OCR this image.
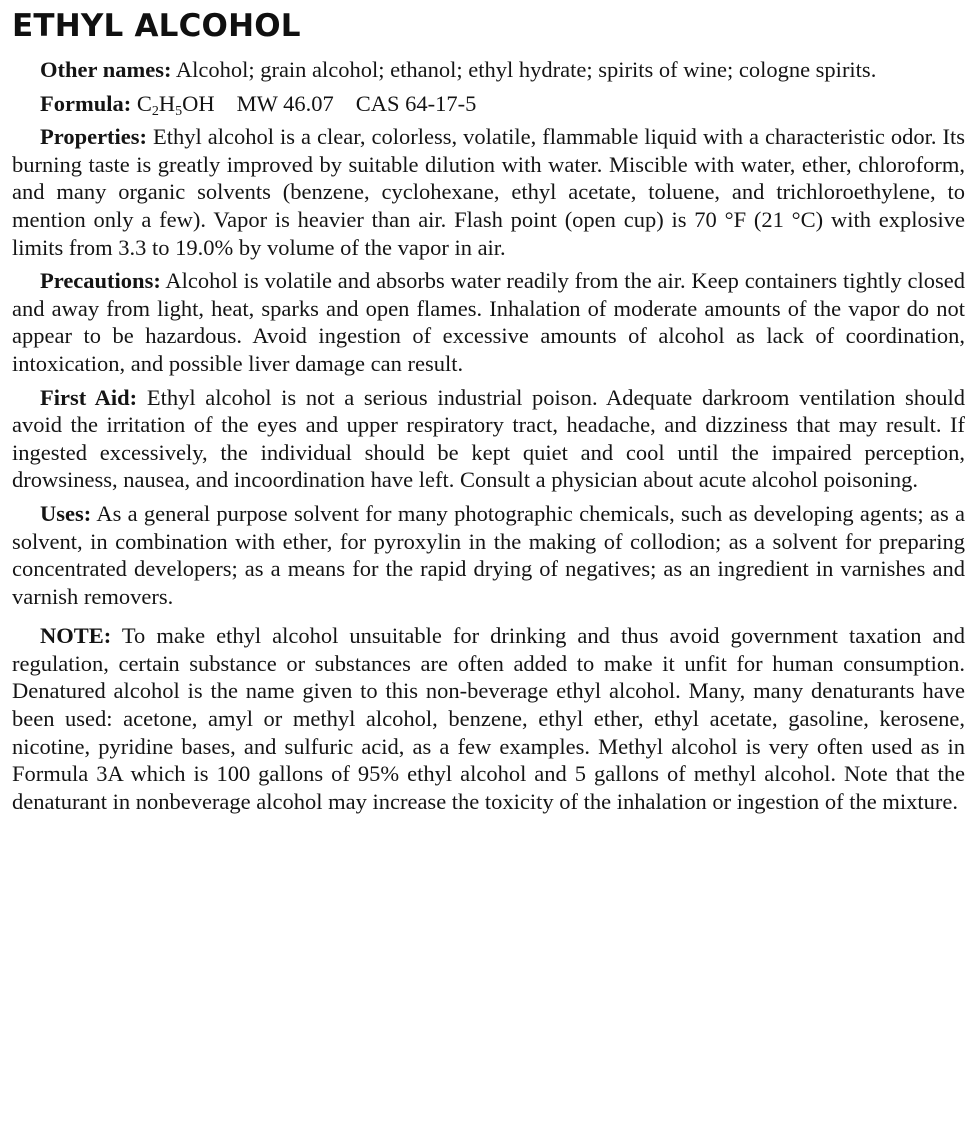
ETHYL ALCOHOL

Other names: Alcohol; grain alcohol; ethanol; ethyl hydrate; spirits of wine; cologne spirits.

Formula: $C_2H_5OH$ MW 46.07 CAS 64-17-5

Properties: Ethyl alcohol is a clear, colorless, volatile, flammable liquid with a characteristic odor. Its burning taste is greatly improved by suitable dilution with water. Miscible with water, ether, chloroform, and many organic solvents (benzene, cyclohexane, ethyl acetate, toluene, and trichloroethylene, to mention only a few). Vapor is heavier than air. Flash point (open cup) is 70 °F (21 °C) with explosive limits from 3.3 to 19.0% by volume of the vapor in air.

Precautions: Alcohol is volatile and absorbs water readily from the air. Keep containers tightly closed and away from light, heat, sparks and open flames. Inhalation of moderate amounts of the vapor do not appear to be hazardous. Avoid ingestion of excessive amounts of alcohol as lack of coordination, intoxication, and possible liver damage can result.

First Aid: Ethyl alcohol is not a serious industrial poison. Adequate darkroom ventilation should avoid the irritation of the eyes and upper respiratory tract, headache, and dizziness that may result. If ingested excessively, the individual should be kept quiet and cool until the impaired perception, drowsiness, nausea, and incoordination have left. Consult a physician about acute alcohol poisoning.

Uses: As a general purpose solvent for many photographic chemicals, such as developing agents; as a solvent, in combination with ether, for pyroxylin in the making of collodion; as a solvent for preparing concentrated developers; as a means for the rapid drying of negatives; as an ingredient in varnishes and varnish removers.

NOTE: To make ethyl alcohol unsuitable for drinking and thus avoid government taxation and regulation, certain substance or substances are often added to make it unfit for human consumption. Denatured alcohol is the name given to this non-beverage ethyl alcohol. Many, many denaturants have been used: acetone, amyl or methyl alcohol, benzene, ethyl ether, ethyl acetate, gasoline, kerosene, nicotine, pyridine bases, and sulfuric acid, as a few examples. Methyl alcohol is very often used as in Formula 3A which is 100 gallons of 95% ethyl alcohol and 5 gallons of methyl alcohol. Note that the denaturant in nonbeverage alcohol may increase the toxicity of the inhalation or ingestion of the mixture.
